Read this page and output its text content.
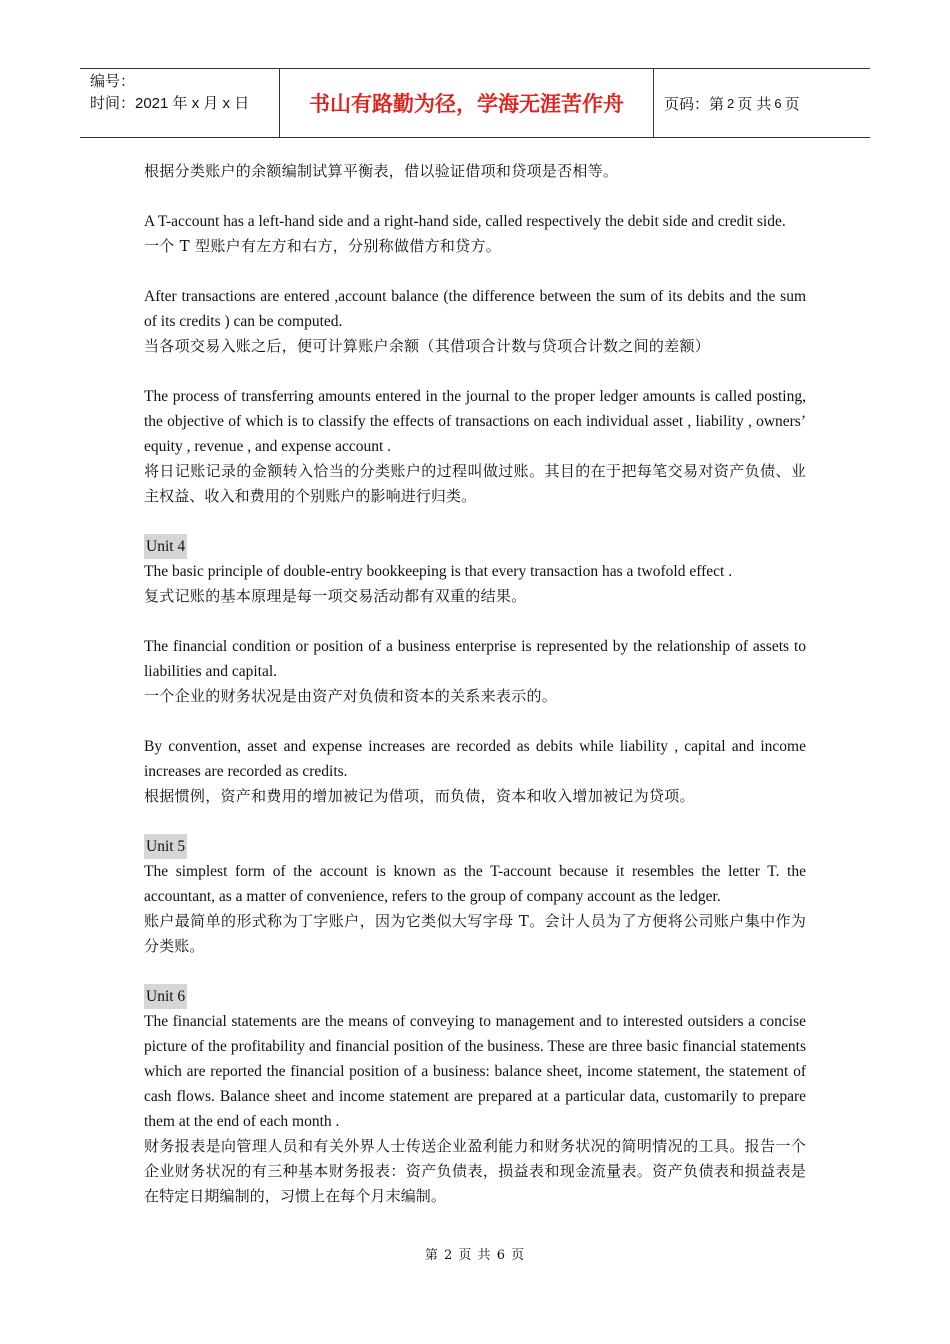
编号：
时间：2021 年 x 月 x 日	书山有路勤为径，学海无涯苦作舟	页码：第 2 页 共 6 页

根据分类账户的余额编制试算平衡表，借以验证借项和贷项是否相等。

A T-account has a left-hand side and a right-hand side, called respectively the debit side and credit side.

一个 T 型账户有左方和右方，分别称做借方和贷方。

After transactions are entered ,account balance (the difference between the sum of its debits and the sum of its credits ) can be computed.

当各项交易入账之后，便可计算账户余额（其借项合计数与贷项合计数之间的差额）

The process of transferring amounts entered in the journal to the proper ledger amounts is called posting, the objective of which is to classify the effects of transactions on each individual asset , liability , owners’ equity , revenue , and expense account .

将日记账记录的金额转入恰当的分类账户的过程叫做过账。其目的在于把每笔交易对资产负债、业主权益、收入和费用的个别账户的影响进行归类。

Unit 4

The basic principle of double-entry bookkeeping is that every transaction has a twofold effect .

复式记账的基本原理是每一项交易活动都有双重的结果。

The financial condition or position of a business enterprise is represented by the relationship of assets to liabilities and capital.

一个企业的财务状况是由资产对负债和资本的关系来表示的。

By convention, asset and expense increases are recorded as debits while liability , capital and income increases are recorded as credits.

根据惯例，资产和费用的增加被记为借项，而负债，资本和收入增加被记为贷项。

Unit 5

The simplest form of the account is known as the T-account because it resembles the letter T. the accountant, as a matter of convenience, refers to the group of company account as the ledger.

账户最简单的形式称为丁字账户，因为它类似大写字母 T。会计人员为了方便将公司账户集中作为分类账。

Unit 6

The financial statements are the means of conveying to management and to interested outsiders a concise picture of the profitability and financial position of the business. These are three basic financial statements which are reported the financial position of a business: balance sheet, income statement, the statement of cash flows. Balance sheet and income statement are prepared at a particular data, customarily to prepare them at the end of each month .

财务报表是向管理人员和有关外界人士传送企业盈利能力和财务状况的简明情况的工具。报告一个企业财务状况的有三种基本财务报表：资产负债表，损益表和现金流量表。资产负债表和损益表是在特定日期编制的，习惯上在每个月末编制。

第 2 页 共 6 页
